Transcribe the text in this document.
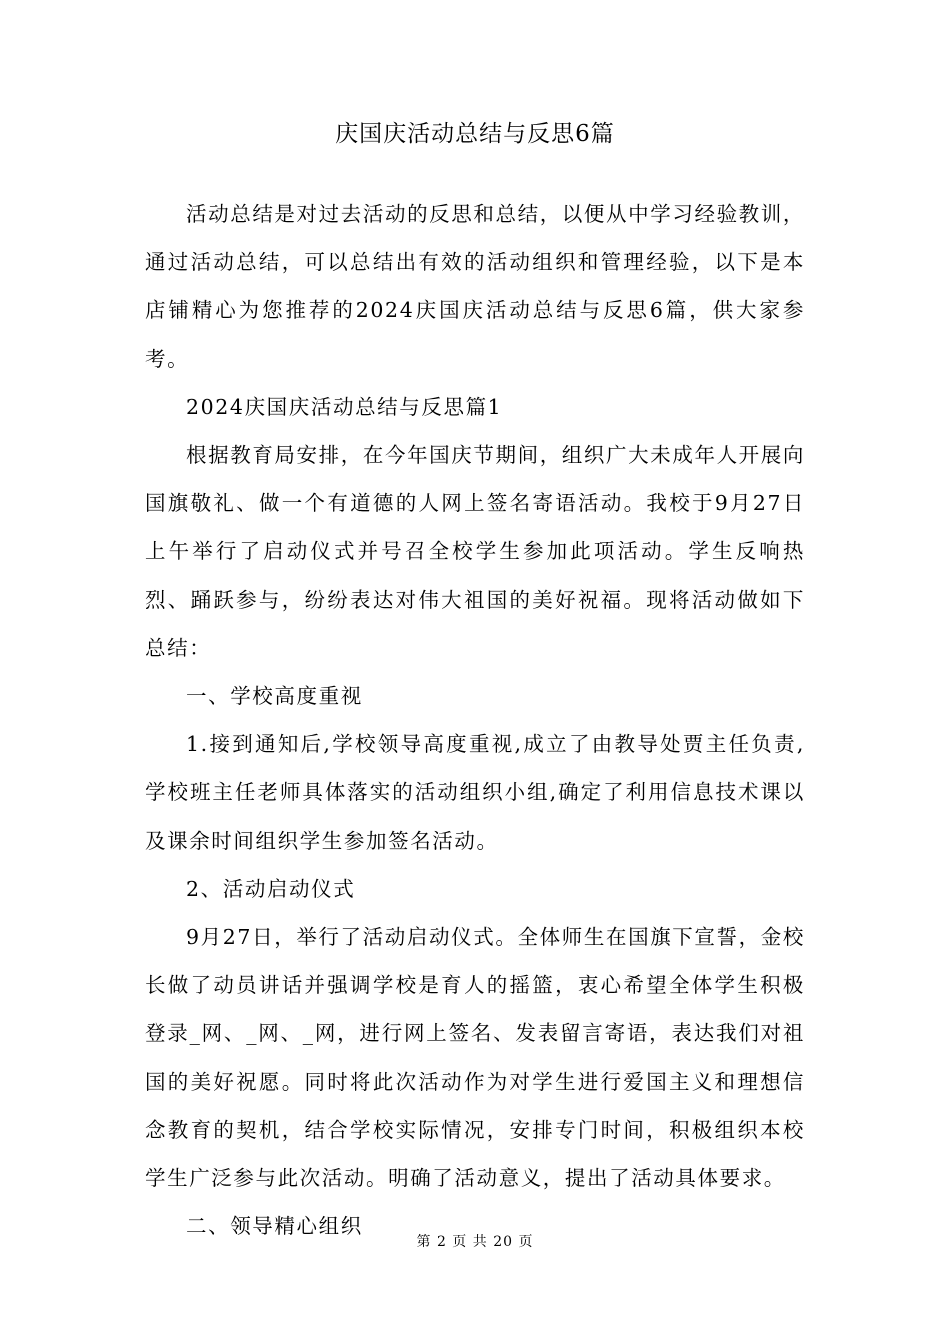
庆国庆活动总结与反思6篇

活动总结是对过去活动的反思和总结，以便从中学习经验教训，通过活动总结，可以总结出有效的活动组织和管理经验，以下是本店铺精心为您推荐的2024庆国庆活动总结与反思6篇，供大家参考。

2024庆国庆活动总结与反思篇1

根据教育局安排，在今年国庆节期间，组织广大未成年人开展向国旗敬礼、做一个有道德的人网上签名寄语活动。我校于9月27日上午举行了启动仪式并号召全校学生参加此项活动。学生反响热烈、踊跃参与，纷纷表达对伟大祖国的美好祝福。现将活动做如下总结：

一、学校高度重视

1.接到通知后,学校领导高度重视,成立了由教导处贾主任负责,学校班主任老师具体落实的活动组织小组,确定了利用信息技术课以及课余时间组织学生参加签名活动。

2、活动启动仪式

9月27日，举行了活动启动仪式。全体师生在国旗下宣誓，金校长做了动员讲话并强调学校是育人的摇篮，衷心希望全体学生积极登录_网、_网、_网，进行网上签名、发表留言寄语，表达我们对祖国的美好祝愿。同时将此次活动作为对学生进行爱国主义和理想信念教育的契机，结合学校实际情况，安排专门时间，积极组织本校学生广泛参与此次活动。明确了活动意义，提出了活动具体要求。

二、领导精心组织

第 2 页 共 20 页
